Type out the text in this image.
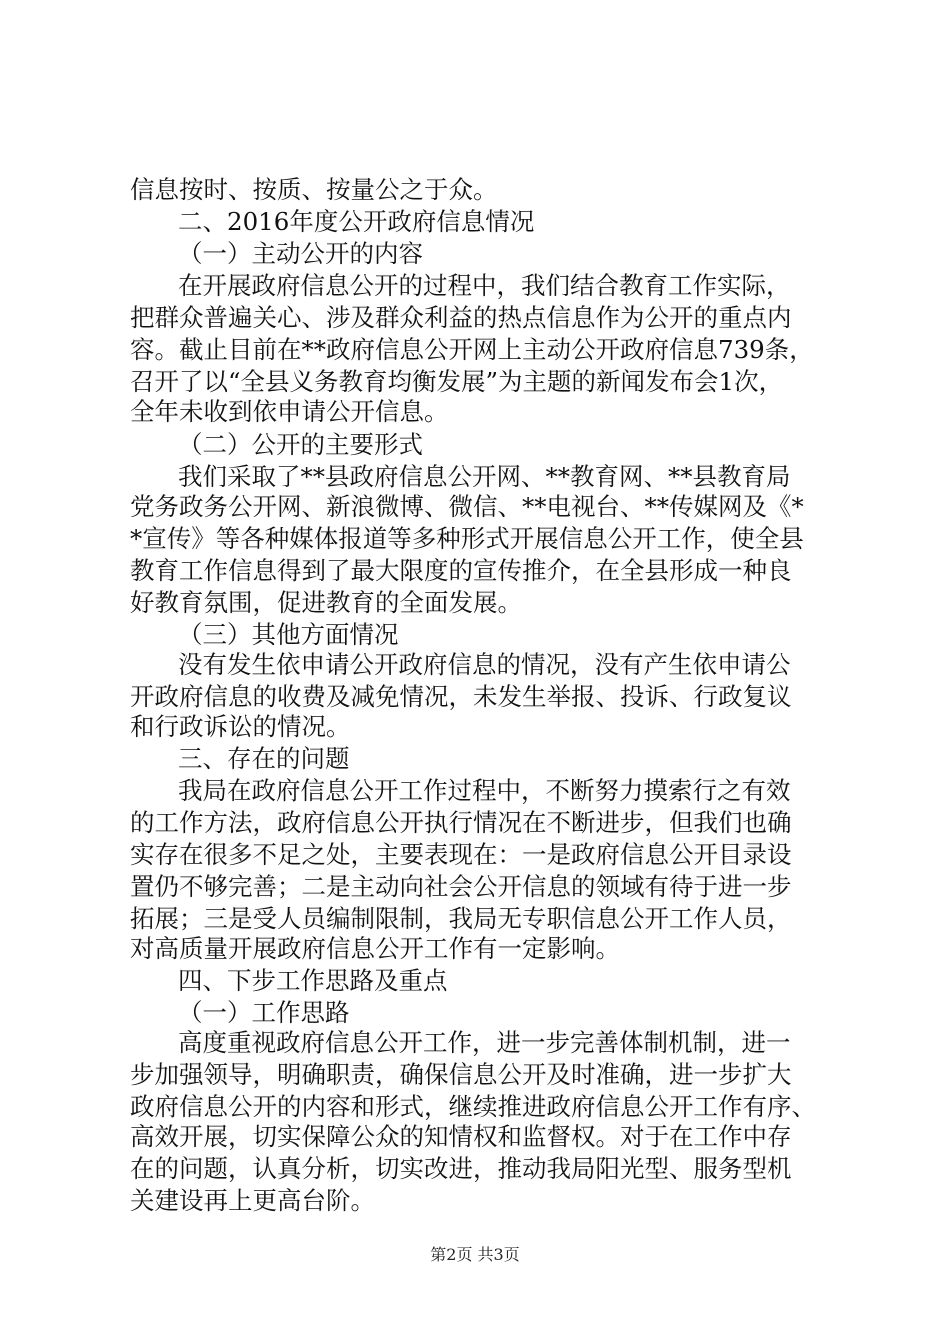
信息按时、按质、按量公之于众。
二、2016年度公开政府信息情况
（一）主动公开的内容
在开展政府信息公开的过程中，我们结合教育工作实际，
把群众普遍关心、涉及群众利益的热点信息作为公开的重点内
容。截止目前在**政府信息公开网上主动公开政府信息739条，
召开了以“全县义务教育均衡发展”为主题的新闻发布会1次，
全年未收到依申请公开信息。
（二）公开的主要形式
我们采取了**县政府信息公开网、**教育网、**县教育局
党务政务公开网、新浪微博、微信、**电视台、**传媒网及《*
*宣传》等各种媒体报道等多种形式开展信息公开工作，使全县
教育工作信息得到了最大限度的宣传推介，在全县形成一种良
好教育氛围，促进教育的全面发展。
（三）其他方面情况
没有发生依申请公开政府信息的情况，没有产生依申请公
开政府信息的收费及减免情况，未发生举报、投诉、行政复议
和行政诉讼的情况。
三、存在的问题
我局在政府信息公开工作过程中，不断努力摸索行之有效
的工作方法，政府信息公开执行情况在不断进步，但我们也确
实存在很多不足之处，主要表现在：一是政府信息公开目录设
置仍不够完善；二是主动向社会公开信息的领域有待于进一步
拓展；三是受人员编制限制，我局无专职信息公开工作人员，
对高质量开展政府信息公开工作有一定影响。
四、下步工作思路及重点
（一）工作思路
高度重视政府信息公开工作，进一步完善体制机制，进一
步加强领导，明确职责，确保信息公开及时准确，进一步扩大
政府信息公开的内容和形式，继续推进政府信息公开工作有序、
高效开展，切实保障公众的知情权和监督权。对于在工作中存
在的问题，认真分析，切实改进，推动我局阳光型、服务型机
关建设再上更高台阶。
第2页 共3页
